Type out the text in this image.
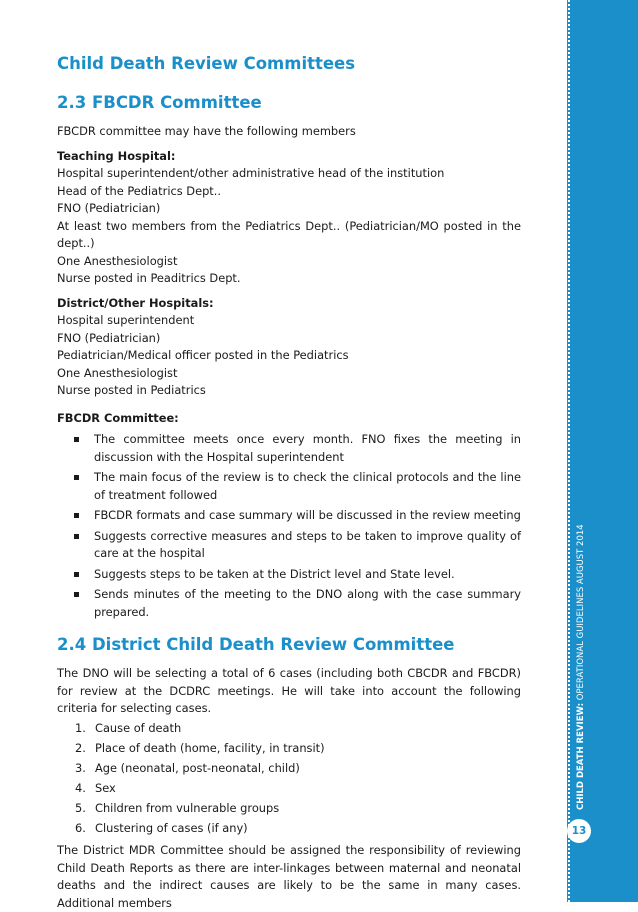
Child Death Review Committees
2.3 FBCDR Committee

FBCDR committee may have the following members

Teaching Hospital:

Hospital superintendent/other administrative head of the institution

Head of the Pediatrics Dept..

FNO (Pediatrician)

At least two members from the Pediatrics Dept.. (Pediatrician/MO posted in the dept..)

One Anesthesiologist

Nurse posted in Peaditrics Dept.

District/Other Hospitals:

Hospital superintendent

FNO (Pediatrician)

Pediatrician/Medical officer posted in the Pediatrics

One Anesthesiologist

Nurse posted in Pediatrics

FBCDR Committee:

The committee meets once every month. FNO fixes the meeting in discussion with the Hospital superintendent
The main focus of the review is to check the clinical protocols and the line of treatment followed
FBCDR formats and case summary will be discussed in the review meeting
Suggests corrective measures and steps to be taken to improve quality of care at the hospital
Suggests steps to be taken at the District level and State level.
Sends minutes of the meeting to the DNO along with the case summary prepared.
2.4 District Child Death Review Committee

The DNO will be selecting a total of 6 cases (including both CBCDR and FBCDR) for review at the DCDRC meetings. He will take into account the following criteria for selecting cases.

1. Cause of death
2. Place of death (home, facility, in transit)
3. Age (neonatal, post-neonatal, child)
4. Sex
5. Children from vulnerable groups
6. Clustering of cases (if any)

The District MDR Committee should be assigned the responsibility of reviewing Child Death Reports as there are inter-linkages between maternal and neonatal deaths and the indirect causes are likely to be the same in many cases. Additional members

CHILD DEATH REVIEW: OPERATIONAL GUIDELINES AUGUST 2014
13
